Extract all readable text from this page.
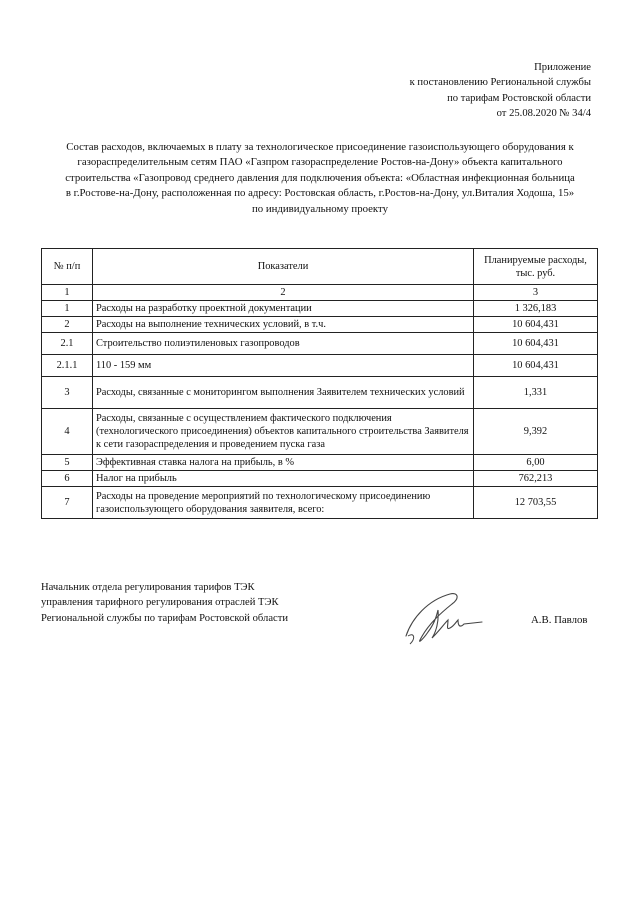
Приложение
к постановлению Региональной службы
по тарифам Ростовской области
от 25.08.2020 № 34/4
Состав расходов, включаемых в плату за технологическое присоединение газоиспользующего оборудования к
газораспределительным сетям ПАО «Газпром газораспределение Ростов-на-Дону» объекта капитального
строительства «Газопровод среднего давления для подключения объекта: «Областная инфекционная больница
в г.Ростове-на-Дону, расположенная по адресу: Ростовская область, г.Ростов-на-Дону, ул.Виталия Ходоша, 15»
по индивидуальному проекту
№ п/п	Показатели	Планируемые расходы,
тыс. руб.

1	2	3
1	Расходы на разработку проектной документации	1 326,183
2	Расходы на выполнение технических условий, в т.ч.	10 604,431
2.1	Строительство полиэтиленовых газопроводов	10 604,431
2.1.1	110 - 159 мм	10 604,431
3	Расходы, связанные с мониторингом выполнения Заявителем технических условий	1,331
4	Расходы, связанные с осуществлением фактического подключения (технологического присоединения) объектов капитального строительства Заявителя к сети газораспределения и проведением пуска газа	9,392
5	Эффективная ставка налога на прибыль, в %	6,00
6	Налог на прибыль	762,213
7	Расходы на проведение мероприятий по технологическому присоединению газоиспользующего оборудования заявителя, всего:	12 703,55
Начальник отдела регулирования тарифов ТЭК
управления тарифного регулирования отраслей ТЭК
Региональной службы по тарифам Ростовской области	А.В. Павлов
